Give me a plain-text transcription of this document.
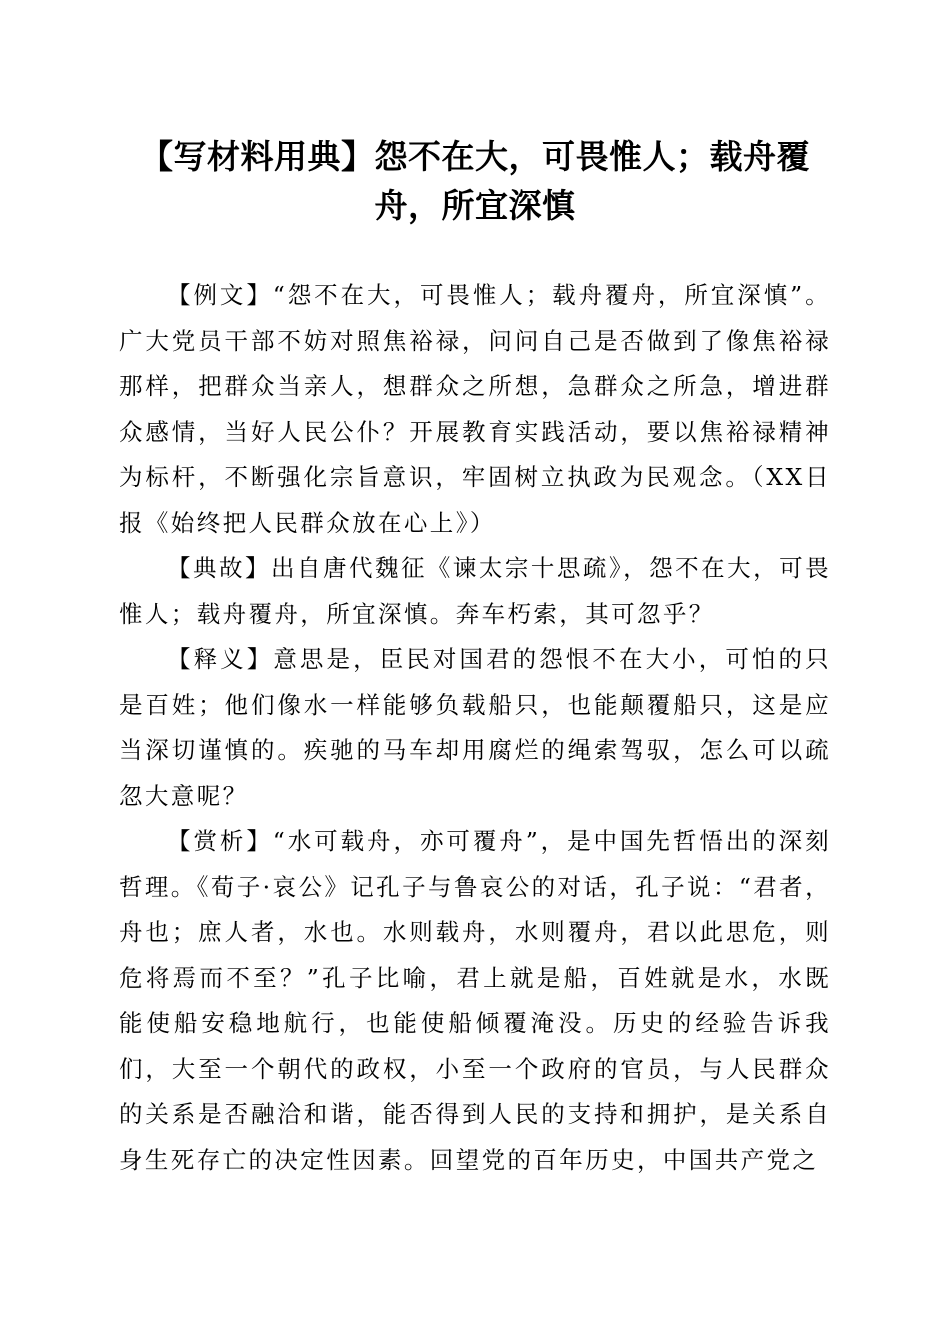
【写材料用典】怨不在大，可畏惟人；载舟覆舟，所宜深慎

【例文】“怨不在大，可畏惟人；载舟覆舟，所宜深慎”。广大党员干部不妨对照焦裕禄，问问自己是否做到了像焦裕禄那样，把群众当亲人，想群众之所想，急群众之所急，增进群众感情，当好人民公仆？开展教育实践活动，要以焦裕禄精神为标杆，不断强化宗旨意识，牢固树立执政为民观念。（XX日报《始终把人民群众放在心上》）

【典故】出自唐代魏征《谏太宗十思疏》，怨不在大，可畏惟人；载舟覆舟，所宜深慎。奔车朽索，其可忽乎？

【释义】意思是，臣民对国君的怨恨不在大小，可怕的只是百姓；他们像水一样能够负载船只，也能颠覆船只，这是应当深切谨慎的。疾驰的马车却用腐烂的绳索驾驭，怎么可以疏忽大意呢？

【赏析】“水可载舟，亦可覆舟”，是中国先哲悟出的深刻哲理。《荀子·哀公》记孔子与鲁哀公的对话，孔子说：“君者，舟也；庶人者，水也。水则载舟，水则覆舟，君以此思危，则危将焉而不至？”孔子比喻，君上就是船，百姓就是水，水既能使船安稳地航行，也能使船倾覆淹没。历史的经验告诉我们，大至一个朝代的政权，小至一个政府的官员，与人民群众的关系是否融洽和谐，能否得到人民的支持和拥护，是关系自身生死存亡的决定性因素。回望党的百年历史，中国共产党之
